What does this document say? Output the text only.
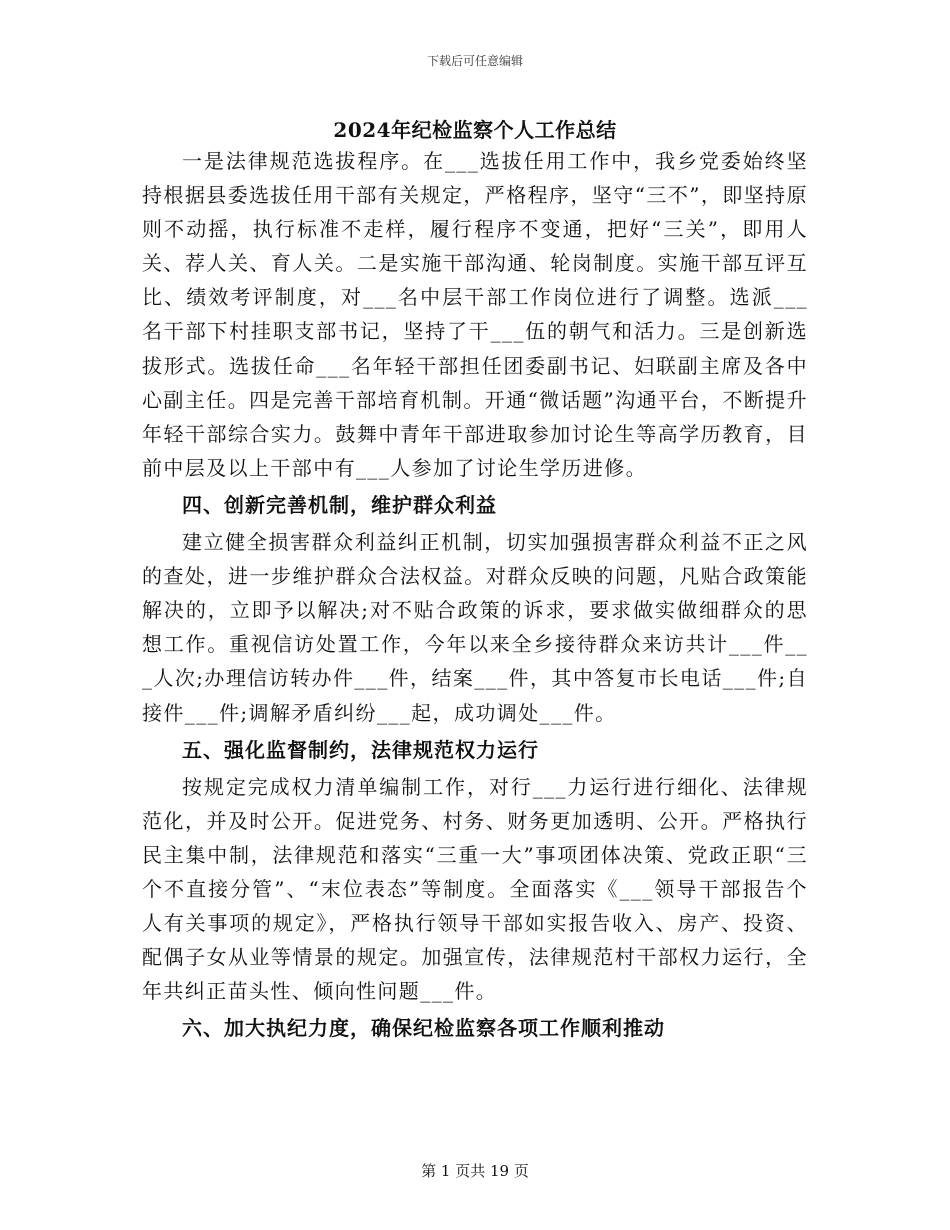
下载后可任意编辑
2024年纪检监察个人工作总结

一是法律规范选拔程序。在___选拔任用工作中，我乡党委始终坚持根据县委选拔任用干部有关规定，严格程序，坚守“三不”，即坚持原则不动摇，执行标准不走样，履行程序不变通，把好“三关”，即用人关、荐人关、育人关。二是实施干部沟通、轮岗制度。实施干部互评互比、绩效考评制度，对___名中层干部工作岗位进行了调整。选派___名干部下村挂职支部书记，坚持了干___伍的朝气和活力。三是创新选拔形式。选拔任命___名年轻干部担任团委副书记、妇联副主席及各中心副主任。四是完善干部培育机制。开通“微话题”沟通平台，不断提升年轻干部综合实力。鼓舞中青年干部进取参加讨论生等高学历教育，目前中层及以上干部中有___人参加了讨论生学历进修。

四、创新完善机制，维护群众利益

建立健全损害群众利益纠正机制，切实加强损害群众利益不正之风的查处，进一步维护群众合法权益。对群众反映的问题，凡贴合政策能解决的，立即予以解决;对不贴合政策的诉求，要求做实做细群众的思想工作。重视信访处置工作，今年以来全乡接待群众来访共计___件___人次;办理信访转办件___件，结案___件，其中答复市长电话___件;自接件___件;调解矛盾纠纷___起，成功调处___件。

五、强化监督制约，法律规范权力运行

按规定完成权力清单编制工作，对行___力运行进行细化、法律规范化，并及时公开。促进党务、村务、财务更加透明、公开。严格执行民主集中制，法律规范和落实“三重一大”事项团体决策、党政正职“三个不直接分管”、“末位表态”等制度。全面落实《___领导干部报告个人有关事项的规定》，严格执行领导干部如实报告收入、房产、投资、配偶子女从业等情景的规定。加强宣传，法律规范村干部权力运行，全年共纠正苗头性、倾向性问题___件。

六、加大执纪力度，确保纪检监察各项工作顺利推动

第 1 页共 19 页
